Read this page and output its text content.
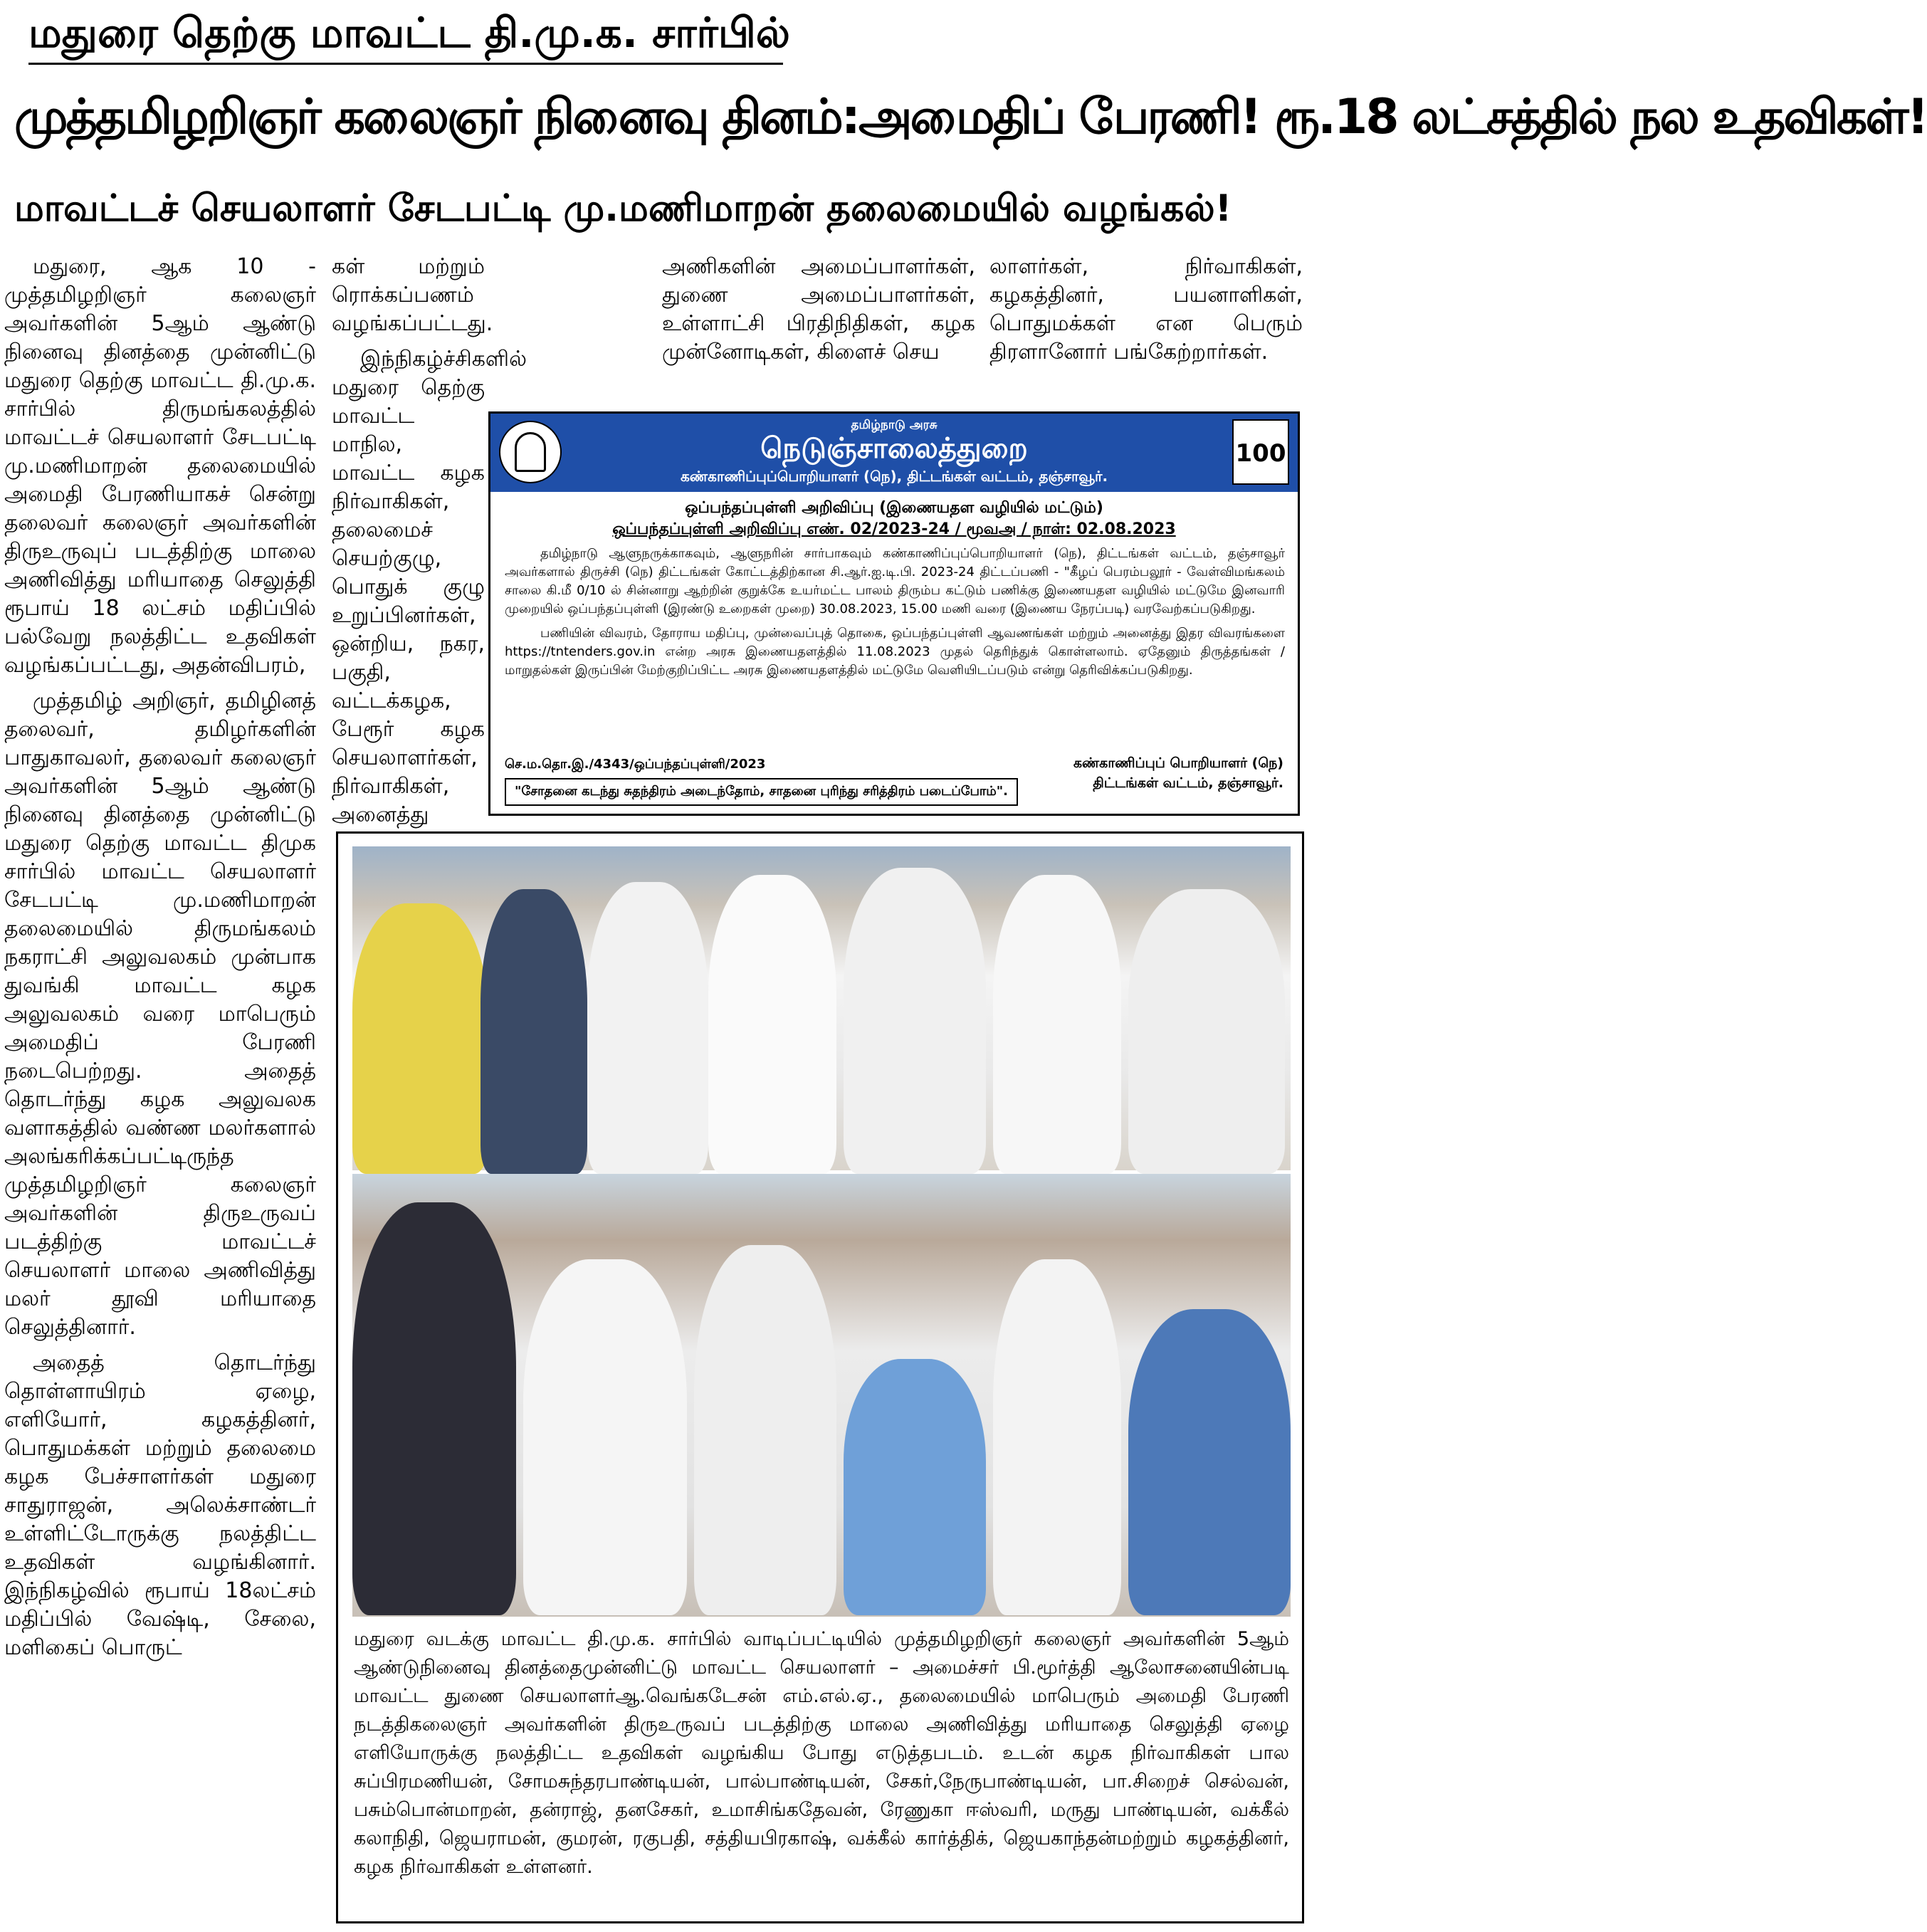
மதுரை தெற்கு மாவட்ட தி.மு.க. சார்பில்
முத்தமிழறிஞர் கலைஞர் நினைவு தினம்:அமைதிப் பேரணி! ரூ.18 லட்சத்தில் நல உதவிகள்!
மாவட்டச் செயலாளர் சேடபட்டி மு.மணிமாறன் தலைமையில் வழங்கல்!

மதுரை, ஆக 10 - முத்தமிழறிஞர் கலைஞர் அவர்களின் 5ஆம் ஆண்டு நினைவு தினத்தை முன்னிட்டு மதுரை தெற்கு மாவட்ட தி.மு.க. சார்பில் திருமங்கலத்தில் மாவட்டச் செயலாளர் சேடபட்டி மு.மணிமாறன் தலைமையில் அமைதி பேரணியாகச் சென்று தலைவர் கலைஞர் அவர்களின் திருஉருவுப் படத்திற்கு மாலை அணிவித்து மரியாதை செலுத்தி ரூபாய் 18 லட்சம் மதிப்பில் பல்வேறு நலத்திட்ட உதவிகள் வழங்கப்பட்டது, அதன்விபரம்,

முத்தமிழ் அறிஞர், தமிழினத் தலைவர், தமிழர்களின் பாதுகாவலர், தலைவர் கலைஞர் அவர்களின் 5ஆம் ஆண்டு நினைவு தினத்தை முன்னிட்டு மதுரை தெற்கு மாவட்ட திமுக சார்பில் மாவட்ட செயலாளர் சேடபட்டி மு.மணிமாறன் தலைமையில் திருமங்கலம் நகராட்சி அலுவலகம் முன்பாக துவங்கி மாவட்ட கழக அலுவலகம் வரை மாபெரும் அமைதிப் பேரணி நடைபெற்றது. அதைத் தொடர்ந்து கழக அலுவலக வளாகத்தில் வண்ண மலர்களால் அலங்கரிக்கப்பட்டிருந்த முத்தமிழறிஞர் கலைஞர் அவர்களின் திருஉருவப் படத்திற்கு மாவட்டச் செயலாளர் மாலை அணிவித்து மலர் தூவி மரியாதை செலுத்தினார்.

அதைத் தொடர்ந்து தொள்ளாயிரம் ஏழை, எளியோர், கழகத்தினர், பொதுமக்கள் மற்றும் தலைமை கழக பேச்சாளர்கள் மதுரை சாதுராஜன், அலெக்சாண்டர் உள்ளிட்டோருக்கு நலத்திட்ட உதவிகள் வழங்கினார். இந்நிகழ்வில் ரூபாய் 18லட்சம் மதிப்பில் வேஷ்டி, சேலை, மளிகைப் பொருட்

கள் மற்றும் ரொக்கப்பணம் வழங்கப்பட்டது.

இந்நிகழ்ச்சிகளில் மதுரை தெற்கு மாவட்ட மாநில, மாவட்ட கழக நிர்வாகிகள், தலைமைச் செயற்குழு, பொதுக் குழு உறுப்பினர்கள், ஒன்றிய, நகர, பகுதி, வட்டக்கழக, பேரூர் கழக செயலாளர்கள், நிர்வாகிகள், அனைத்து

அணிகளின் அமைப்பாளர்கள், துணை அமைப்பாளர்கள், உள்ளாட்சி பிரதிநிதிகள், கழக முன்னோடிகள், கிளைச் செய

லாளர்கள், நிர்வாகிகள், கழகத்தினர், பயனாளிகள், பொதுமக்கள் என பெரும் திரளானோர் பங்கேற்றார்கள்.

தமிழ்நாடு அரசு
நெடுஞ்சாலைத்துறை
கண்காணிப்புப்பொறியாளர் (நெ), திட்டங்கள் வட்டம், தஞ்சாவூர்.
100
ஒப்பந்தப்புள்ளி அறிவிப்பு (இணையதள வழியில் மட்டும்)
ஒப்பந்தப்புள்ளி அறிவிப்பு எண். 02/2023-24 / மூவஅ / நாள்: 02.08.2023

தமிழ்நாடு ஆளுநருக்காகவும், ஆளுநரின் சார்பாகவும் கண்காணிப்புப்பொறியாளர் (நெ), திட்டங்கள் வட்டம், தஞ்சாவூர் அவர்களால் திருச்சி (நெ) திட்டங்கள் கோட்டத்திற்கான சி.ஆர்.ஐ.டி.பி. 2023-24 திட்டப்பணி - "கீழப் பெரம்பலூர் - வேள்விமங்கலம் சாலை கி.மீ 0/10 ல் சின்னாறு ஆற்றின் குறுக்கே உயர்மட்ட பாலம் திரும்ப கட்டும் பணிக்கு இணையதள வழியில் மட்டுமே இனவாரி முறையில் ஒப்பந்தப்புள்ளி (இரண்டு உறைகள் முறை) 30.08.2023, 15.00 மணி வரை (இணைய நேரப்படி) வரவேற்கப்படுகிறது.

பணியின் விவரம், தோராய மதிப்பு, முன்வைப்புத் தொகை, ஒப்பந்தப்புள்ளி ஆவணங்கள் மற்றும் அனைத்து இதர விவரங்களை https://tntenders.gov.in என்ற அரசு இணையதளத்தில் 11.08.2023 முதல் தெரிந்துக் கொள்ளலாம். ஏதேனும் திருத்தங்கள் / மாறுதல்கள் இருப்பின் மேற்குறிப்பிட்ட அரசு இணையதளத்தில் மட்டுமே வெளியிடப்படும் என்று தெரிவிக்கப்படுகிறது.

செ.ம.தொ.இ./4343/ஒப்பந்தப்புள்ளி/2023
"சோதனை கடந்து சுதந்திரம் அடைந்தோம், சாதனை புரிந்து சரித்திரம் படைப்போம்".
கண்காணிப்புப் பொறியாளர் (நெ)
திட்டங்கள் வட்டம், தஞ்சாவூர்.
மதுரை வடக்கு மாவட்ட தி.மு.க. சார்பில் வாடிப்பட்டியில் முத்தமிழறிஞர் கலைஞர் அவர்களின் 5ஆம் ஆண்டுநினைவு தினத்தைமுன்னிட்டு மாவட்ட செயலாளர் – அமைச்சர் பி.மூர்த்தி ஆலோசனையின்படி மாவட்ட துணை செயலாளர்ஆ.வெங்கடேசன் எம்.எல்.ஏ., தலைமையில் மாபெரும் அமைதி பேரணி நடத்திகலைஞர் அவர்களின் திருஉருவப் படத்திற்கு மாலை அணிவித்து மரியாதை செலுத்தி ஏழை எளியோருக்கு நலத்திட்ட உதவிகள் வழங்கிய போது எடுத்தபடம். உடன் கழக நிர்வாகிகள் பால சுப்பிரமணியன், சோமசுந்தரபாண்டியன், பால்பாண்டியன், சேகர்,நேருபாண்டியன், பா.சிறைச் செல்வன், பசும்பொன்மாறன், தன்ராஜ், தனசேகர், உமாசிங்கதேவன், ரேணுகா ஈஸ்வரி, மருது பாண்டியன், வக்கீல் கலாநிதி, ஜெயராமன், குமரன், ரகுபதி, சத்தியபிரகாஷ், வக்கீல் கார்த்திக், ஜெயகாந்தன்மற்றும் கழகத்தினர், கழக நிர்வாகிகள் உள்ளனர்.
